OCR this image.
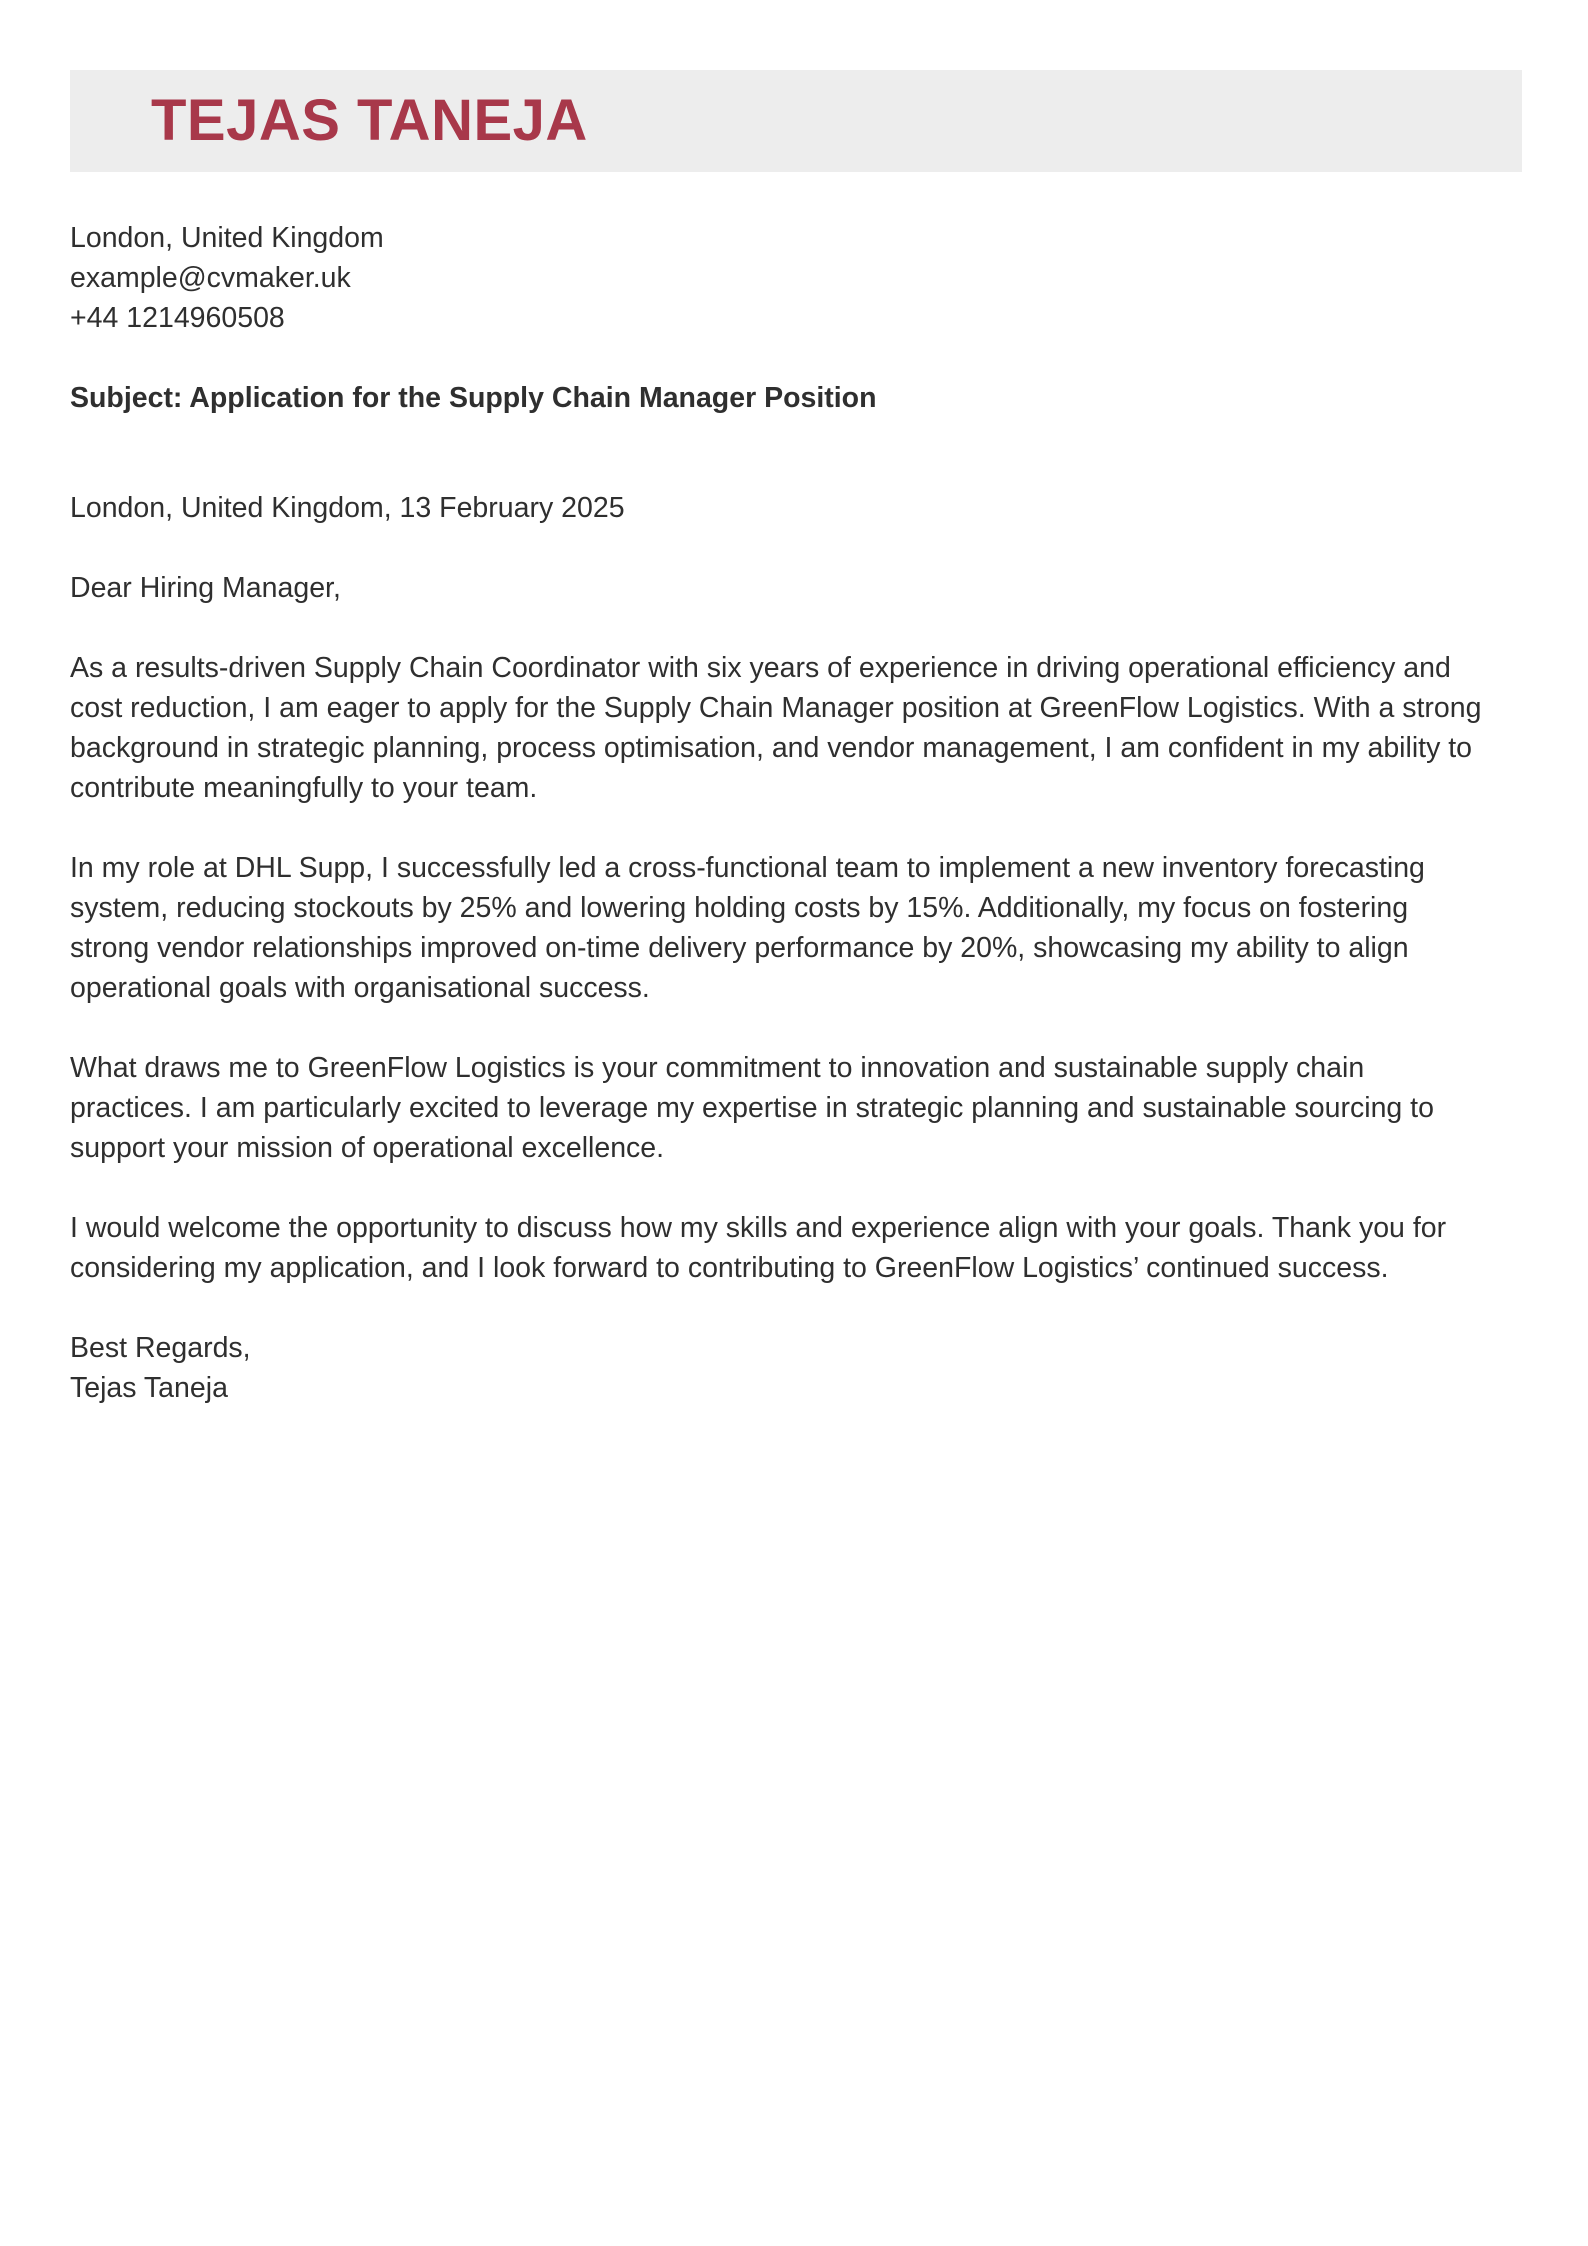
TEJAS TANEJA
London, United Kingdom
example@cvmaker.uk
+44 1214960508
Subject: Application for the Supply Chain Manager Position
London, United Kingdom, 13 February 2025
Dear Hiring Manager,

As a results-driven Supply Chain Coordinator with six years of experience in driving operational efficiency and cost reduction, I am eager to apply for the Supply Chain Manager position at GreenFlow Logistics. With a strong background in strategic planning, process optimisation, and vendor management, I am confident in my ability to contribute meaningfully to your team.

In my role at DHL Supp, I successfully led a cross-functional team to implement a new inventory forecasting system, reducing stockouts by 25% and lowering holding costs by 15%. Additionally, my focus on fostering strong vendor relationships improved on-time delivery performance by 20%, showcasing my ability to align operational goals with organisational success.

What draws me to GreenFlow Logistics is your commitment to innovation and sustainable supply chain practices. I am particularly excited to leverage my expertise in strategic planning and sustainable sourcing to support your mission of operational excellence.

I would welcome the opportunity to discuss how my skills and experience align with your goals. Thank you for considering my application, and I look forward to contributing to GreenFlow Logistics’ continued success.

Best Regards,
Tejas Taneja
